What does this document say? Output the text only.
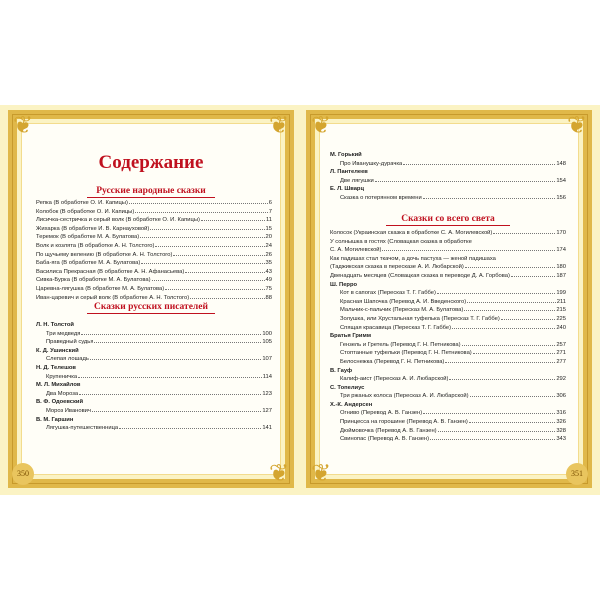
❦	❦ ❦	❦
❦ ❦
350	351
Содержание
Русские народные сказки
Репка (В обработке О. И. Капицы)	6
Колобок (В обработке О. И. Капицы)	7
Лисичка-сестричка и серый волк (В обработке О. И. Капицы)	11
Жихарка (В обработке И. В. Карнауховой)	15
Теремок (В обработке М. А. Булатова)	20
Волк и козлята (В обработке А. Н. Толстого)	24
По щучьему велению (В обработке А. Н. Толстого)	26
Баба-яга (В обработке М. А. Булатова)	35
Василиса Прекрасная (В обработке А. Н. Афанасьева)	43
Сивка-Бурка (В обработке М. А. Булатова)	49
Царевна-лягушка (В обработке М. А. Булатова)	75
Иван-царевич и серый волк (В обработке А. Н. Толстого)	88
Сказки русских писателей
Л. Н. Толстой
Три медведя	100
Праведный судья	105
К. Д. Ушинский
Слепая лошадь	107
Н. Д. Телешов
Крупеничка	114
М. Л. Михайлов
Два Мороза	123
В. Ф. Одоевский
Мороз Иванович	127
В. М. Гаршин
Лягушка-путешественница	141
М. Горький
Про Иванушку-дурачка	148
Л. Пантелеев
Две лягушки	154
Е. Л. Шварц
Сказка о потерянном времени	156
Сказки со всего света
Колосок (Украинская сказка в обработке С. А. Могилевской)	170
У солнышка в гостях (Словацкая сказка в обработке
С. А. Могилевской)	174
Как падишах стал ткачом, а дочь пастуха — женой падишаха
(Таджикская сказка в пересказе А. И. Любарской)	180
Двенадцать месяцев (Словацкая сказка в переводе Д. А. Горбова)	187
Ш. Перро
Кот в сапогах (Пересказ Т. Г. Габбе)	199
Красная Шапочка (Перевод А. И. Введенского)	211
Мальчик-с-пальчик (Пересказ М. А. Булатова)	215
Золушка, или Хрустальная туфелька (Пересказ Т. Г. Габбе)	225
Спящая красавица (Пересказ Т. Г. Габбе)	240
Братья Гримм
Гензель и Гретель (Перевод Г. Н. Петникова)	257
Стоптанные туфельки (Перевод Г. Н. Петникова)	271
Белоснежка (Перевод Г. Н. Петникова)	277
В. Гауф
Калиф-аист (Пересказ А. И. Любарской)	292
С. Топелиус
Три ржаных колоса (Пересказ А. И. Любарской)	306
Х.-К. Андерсен
Огниво (Перевод А. В. Ганзен)	316
Принцесса на горошине (Перевод А. В. Ганзен)	326
Дюймовочка (Перевод А. В. Ганзен)	328
Свинопас (Перевод А. В. Ганзен)	343
